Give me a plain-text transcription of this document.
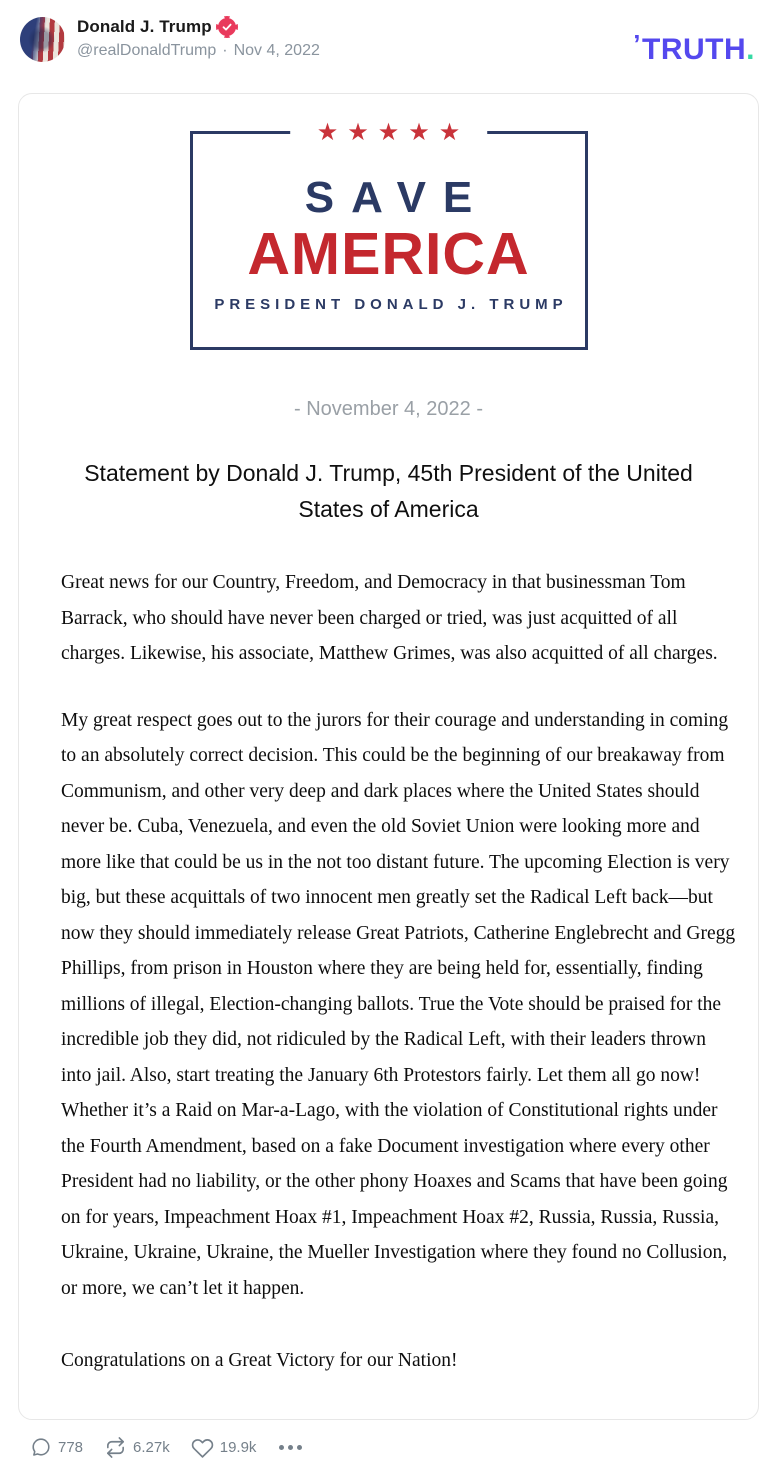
Donald J. Trump
@realDonaldTrump · Nov 4, 2022	’TRUTH.
★★★★★
SAVE
AMERICA
PRESIDENT DONALD J. TRUMP
- November 4, 2022 -
Statement by Donald J. Trump, 45th President of the United States of America

Great news for our Country, Freedom, and Democracy in that businessman Tom Barrack, who should have never been charged or tried, was just acquitted of all charges. Likewise, his associate, Matthew Grimes, was also acquitted of all charges.

My great respect goes out to the jurors for their courage and understanding in coming to an absolutely correct decision. This could be the beginning of our breakaway from Communism, and other very deep and dark places where the United States should never be. Cuba, Venezuela, and even the old Soviet Union were looking more and more like that could be us in the not too distant future. The upcoming Election is very big, but these acquittals of two innocent men greatly set the Radical Left back—but now they should immediately release Great Patriots, Catherine Englebrecht and Gregg Phillips, from prison in Houston where they are being held for, essentially, finding millions of illegal, Election-changing ballots. True the Vote should be praised for the incredible job they did, not ridiculed by the Radical Left, with their leaders thrown into jail. Also, start treating the January 6th Protestors fairly. Let them all go now! Whether it’s a Raid on Mar-a-Lago, with the violation of Constitutional rights under the Fourth Amendment, based on a fake Document investigation where every other President had no liability, or the other phony Hoaxes and Scams that have been going on for years, Impeachment Hoax #1, Impeachment Hoax #2, Russia, Russia, Russia, Ukraine, Ukraine, Ukraine, the Mueller Investigation where they found no Collusion, or more, we can’t let it happen.

Congratulations on a Great Victory for our Nation!

778	6.27k	19.9k
